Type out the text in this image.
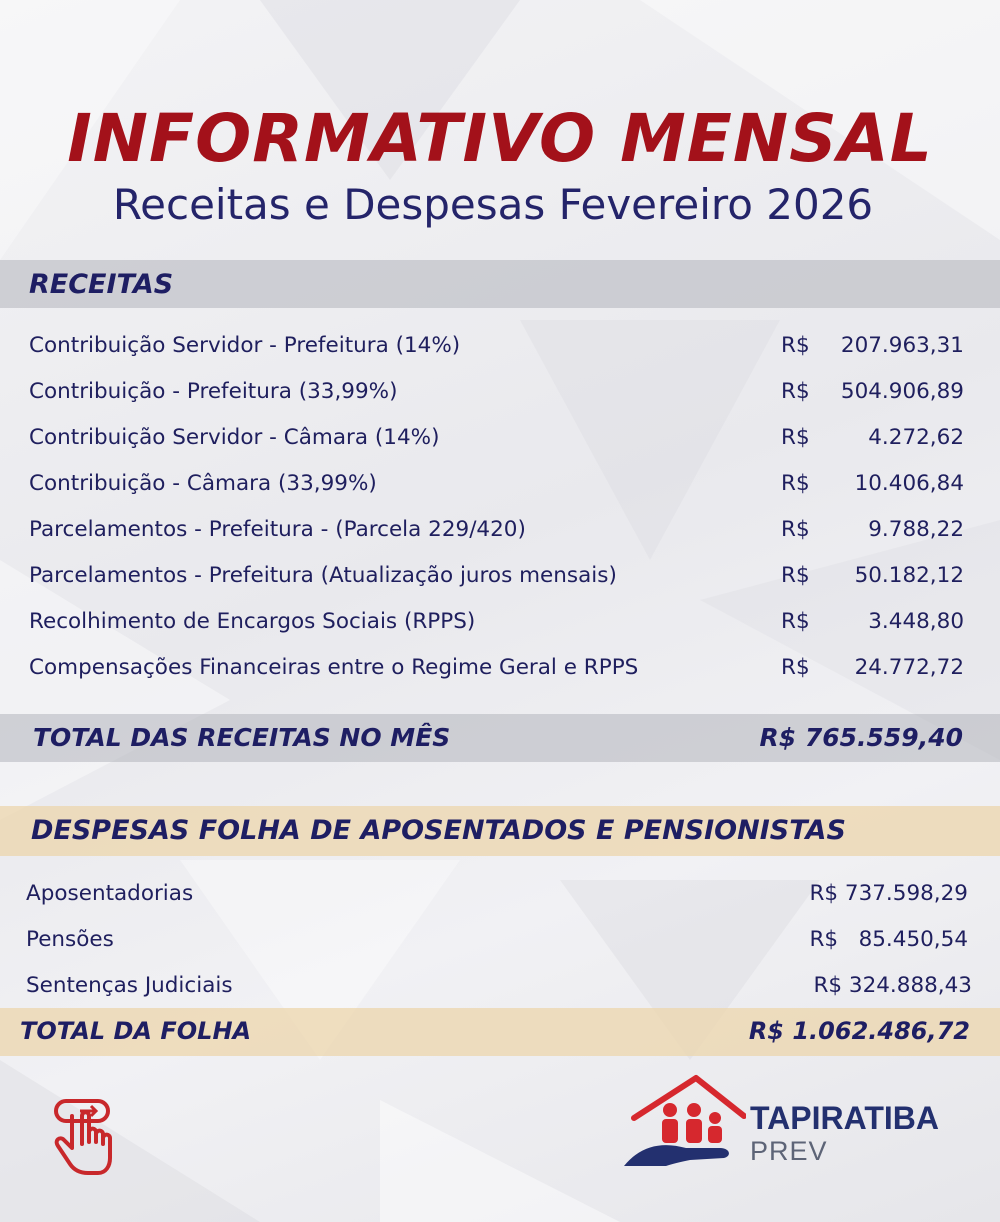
INFORMATIVO MENSAL
Receitas e Despesas Fevereiro 2026
RECEITAS
Contribuição Servidor - Prefeitura (14%)	R$ 207.963,31
Contribuição - Prefeitura (33,99%)	R$ 504.906,89
Contribuição Servidor - Câmara (14%)	R$	4.272,62
Contribuição - Câmara (33,99%)	R$ 10.406,84
Parcelamentos - Prefeitura - (Parcela 229/420)	R$	9.788,22
Parcelamentos - Prefeitura (Atualização juros mensais)	R$ 50.182,12
Recolhimento de Encargos Sociais (RPPS)	R$	3.448,80
Compensações Financeiras entre o Regime Geral e RPPS	R$ 24.772,72
TOTAL DAS RECEITAS NO MÊS	R$ 765.559,40
DESPESAS FOLHA DE APOSENTADOS E PENSIONISTAS
Aposentadorias	R$ 737.598,29
Pensões	R$   85.450,54
Sentenças Judiciais	R$ 324.888,43
TOTAL DA FOLHA	R$ 1.062.486,72
TAPIRATIBA
PREV
